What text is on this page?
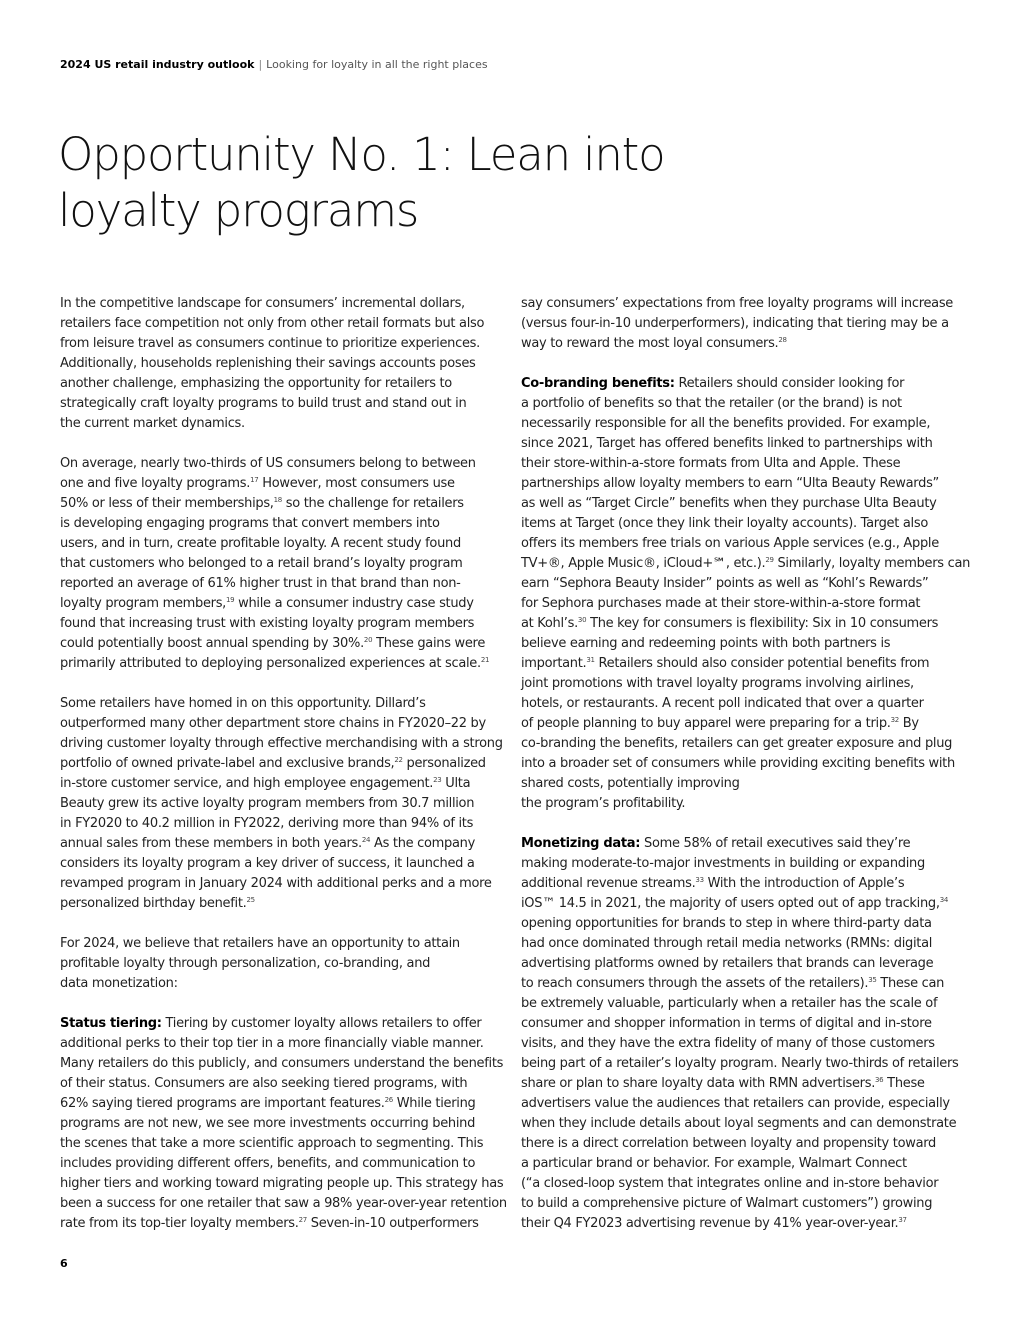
2024 US retail industry outlook | Looking for loyalty in all the right places
Opportunity No. 1: Lean into
loyalty programs
In the competitive landscape for consumers’ incremental dollars,
retailers face competition not only from other retail formats but also
from leisure travel as consumers continue to prioritize experiences.
Additionally, households replenishing their savings accounts poses
another challenge, emphasizing the opportunity for retailers to
strategically craft loyalty programs to build trust and stand out in
the current market dynamics.
On average, nearly two-thirds of US consumers belong to between
one and five loyalty programs.$^{17}$ However, most consumers use
50% or less of their memberships,$^{18}$ so the challenge for retailers
is developing engaging programs that convert members into
users, and in turn, create profitable loyalty. A recent study found
that customers who belonged to a retail brand’s loyalty program
reported an average of 61% higher trust in that brand than non-
loyalty program members,$^{19}$ while a consumer industry case study
found that increasing trust with existing loyalty program members
could potentially boost annual spending by 30%.$^{20}$ These gains were
primarily attributed to deploying personalized experiences at scale.$^{21}$
Some retailers have homed in on this opportunity. Dillard’s
outperformed many other department store chains in FY2020–22 by
driving customer loyalty through effective merchandising with a strong
portfolio of owned private-label and exclusive brands,$^{22}$ personalized
in-store customer service, and high employee engagement.$^{23}$ Ulta
Beauty grew its active loyalty program members from 30.7 million
in FY2020 to 40.2 million in FY2022, deriving more than 94% of its
annual sales from these members in both years.$^{24}$ As the company
considers its loyalty program a key driver of success, it launched a
revamped program in January 2024 with additional perks and a more
personalized birthday benefit.$^{25}$
For 2024, we believe that retailers have an opportunity to attain
profitable loyalty through personalization, co-branding, and
data monetization:
Status tiering: Tiering by customer loyalty allows retailers to offer
additional perks to their top tier in a more financially viable manner.
Many retailers do this publicly, and consumers understand the benefits
of their status. Consumers are also seeking tiered programs, with
62% saying tiered programs are important features.$^{26}$ While tiering
programs are not new, we see more investments occurring behind
the scenes that take a more scientific approach to segmenting. This
includes providing different offers, benefits, and communication to
higher tiers and working toward migrating people up. This strategy has
been a success for one retailer that saw a 98% year-over-year retention
rate from its top-tier loyalty members.$^{27}$ Seven-in-10 outperformers
say consumers’ expectations from free loyalty programs will increase
(versus four-in-10 underperformers), indicating that tiering may be a
way to reward the most loyal consumers.$^{28}$
Co-branding benefits: Retailers should consider looking for
a portfolio of benefits so that the retailer (or the brand) is not
necessarily responsible for all the benefits provided. For example,
since 2021, Target has offered benefits linked to partnerships with
their store-within-a-store formats from Ulta and Apple. These
partnerships allow loyalty members to earn “Ulta Beauty Rewards”
as well as “Target Circle” benefits when they purchase Ulta Beauty
items at Target (once they link their loyalty accounts). Target also
offers its members free trials on various Apple services (e.g., Apple
TV+®, Apple Music®, iCloud+℠, etc.).$^{29}$ Similarly, loyalty members can
earn “Sephora Beauty Insider” points as well as “Kohl’s Rewards”
for Sephora purchases made at their store-within-a-store format
at Kohl’s.$^{30}$ The key for consumers is flexibility: Six in 10 consumers
believe earning and redeeming points with both partners is
important.$^{31}$ Retailers should also consider potential benefits from
joint promotions with travel loyalty programs involving airlines,
hotels, or restaurants. A recent poll indicated that over a quarter
of people planning to buy apparel were preparing for a trip.$^{32}$ By
co-branding the benefits, retailers can get greater exposure and plug
into a broader set of consumers while providing exciting benefits with
shared costs, potentially improving
the program’s profitability.
Monetizing data: Some 58% of retail executives said they’re
making moderate-to-major investments in building or expanding
additional revenue streams.$^{33}$ With the introduction of Apple’s
iOS™ 14.5 in 2021, the majority of users opted out of app tracking,$^{34}$
opening opportunities for brands to step in where third-party data
had once dominated through retail media networks (RMNs: digital
advertising platforms owned by retailers that brands can leverage
to reach consumers through the assets of the retailers).$^{35}$ These can
be extremely valuable, particularly when a retailer has the scale of
consumer and shopper information in terms of digital and in-store
visits, and they have the extra fidelity of many of those customers
being part of a retailer’s loyalty program. Nearly two-thirds of retailers
share or plan to share loyalty data with RMN advertisers.$^{36}$ These
advertisers value the audiences that retailers can provide, especially
when they include details about loyal segments and can demonstrate
there is a direct correlation between loyalty and propensity toward
a particular brand or behavior. For example, Walmart Connect
(“a closed-loop system that integrates online and in-store behavior
to build a comprehensive picture of Walmart customers”) growing
their Q4 FY2023 advertising revenue by 41% year-over-year.$^{37}$
6
